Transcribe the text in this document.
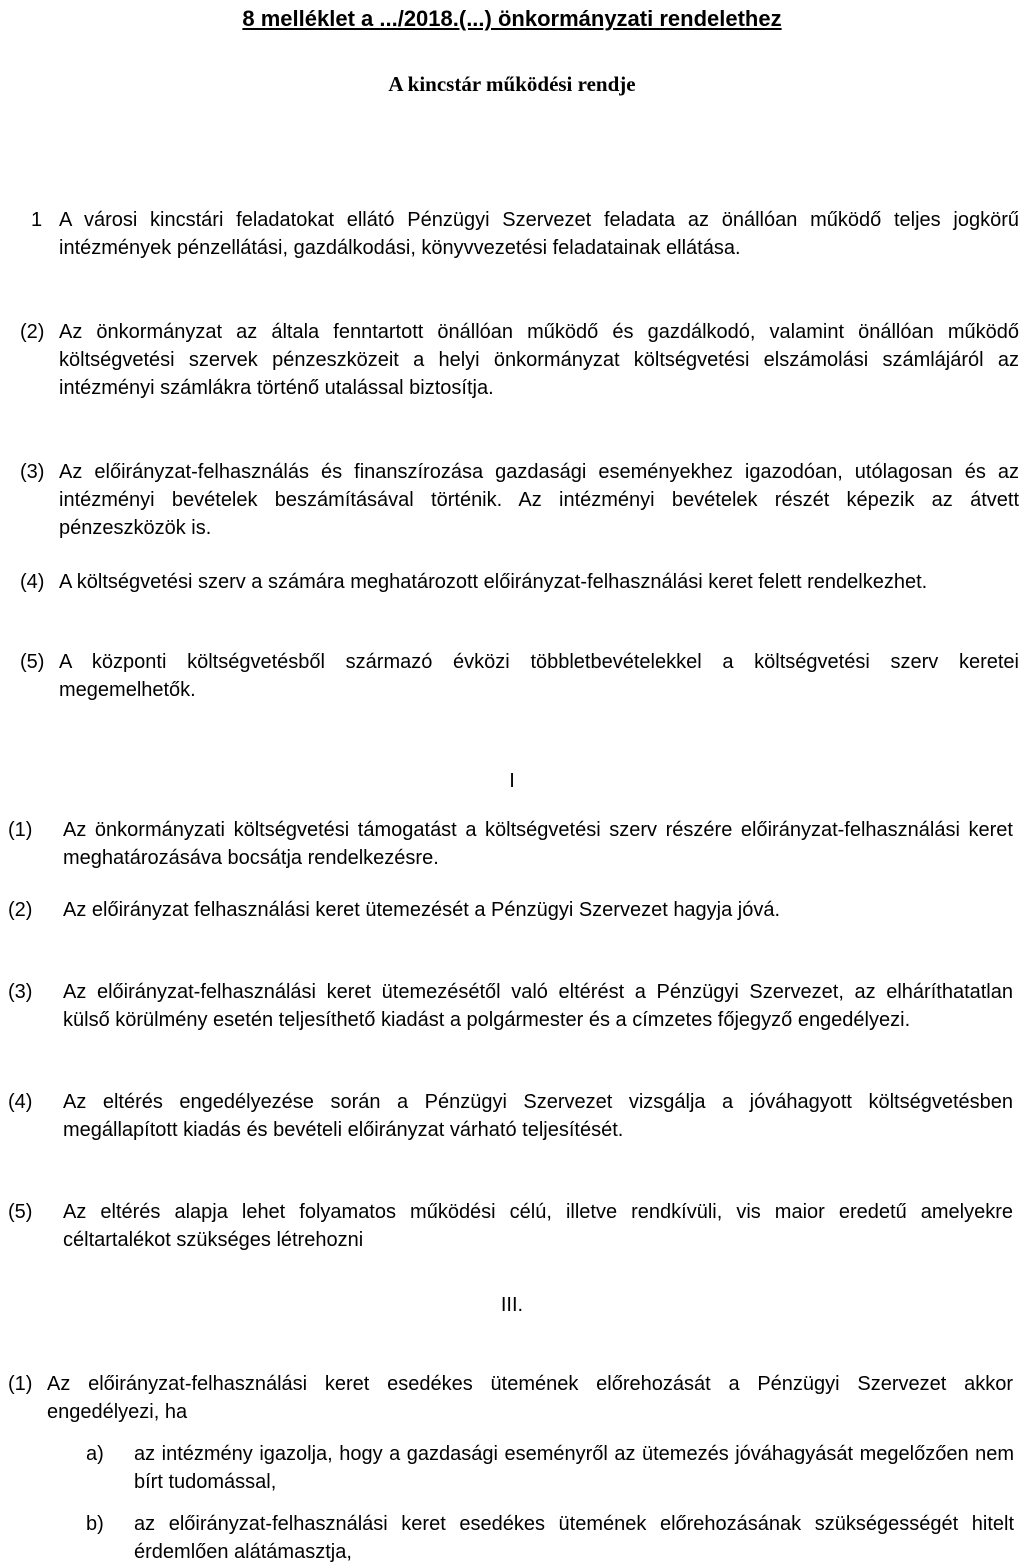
8 melléklet a .../2018.(...) önkormányzati rendelethez
A kincstár működési rendje
1 A városi kincstári feladatokat ellátó Pénzügyi Szervezet feladata az önállóan működő teljes jogkörű intézmények pénzellátási, gazdálkodási, könyvvezetési feladatainak ellátása.
(2) Az önkormányzat az általa fenntartott önállóan működő és gazdálkodó, valamint önállóan működő költségvetési szervek pénzeszközeit a helyi önkormányzat költségvetési elszámolási számlájáról az intézményi számlákra történő utalással biztosítja.
(3) Az előirányzat-felhasználás és finanszírozása gazdasági eseményekhez igazodóan, utólagosan és az intézményi bevételek beszámításával történik. Az intézményi bevételek részét képezik az átvett pénzeszközök is.
(4) A költségvetési szerv a számára meghatározott előirányzat-felhasználási keret felett rendelkezhet.
(5) A központi költségvetésből származó évközi többletbevételekkel a költségvetési szerv keretei megemelhetők.
I
(1) Az önkormányzati költségvetési támogatást a költségvetési szerv részére előirányzat-felhasználási keret meghatározásáva bocsátja rendelkezésre.
(2) Az előirányzat felhasználási keret ütemezését a Pénzügyi Szervezet hagyja jóvá.
(3) Az előirányzat-felhasználási keret ütemezésétől való eltérést a Pénzügyi Szervezet, az elháríthatatlan külső körülmény esetén teljesíthető kiadást a polgármester és a címzetes főjegyző engedélyezi.
(4) Az eltérés engedélyezése során a Pénzügyi Szervezet vizsgálja a jóváhagyott költségvetésben megállapított kiadás és bevételi előirányzat várható teljesítését.
(5) Az eltérés alapja lehet folyamatos működési célú, illetve rendkívüli, vis maior eredetű amelyekre céltartalékot szükséges létrehozni
III.
(1) Az előirányzat-felhasználási keret esedékes ütemének előrehozását a Pénzügyi Szervezet akkor engedélyezi, ha
a) az intézmény igazolja, hogy a gazdasági eseményről az ütemezés jóváhagyását megelőzően nem bírt tudomással,
b) az előirányzat-felhasználási keret esedékes ütemének előrehozásának szükségességét hitelt érdemlően alátámasztja,
